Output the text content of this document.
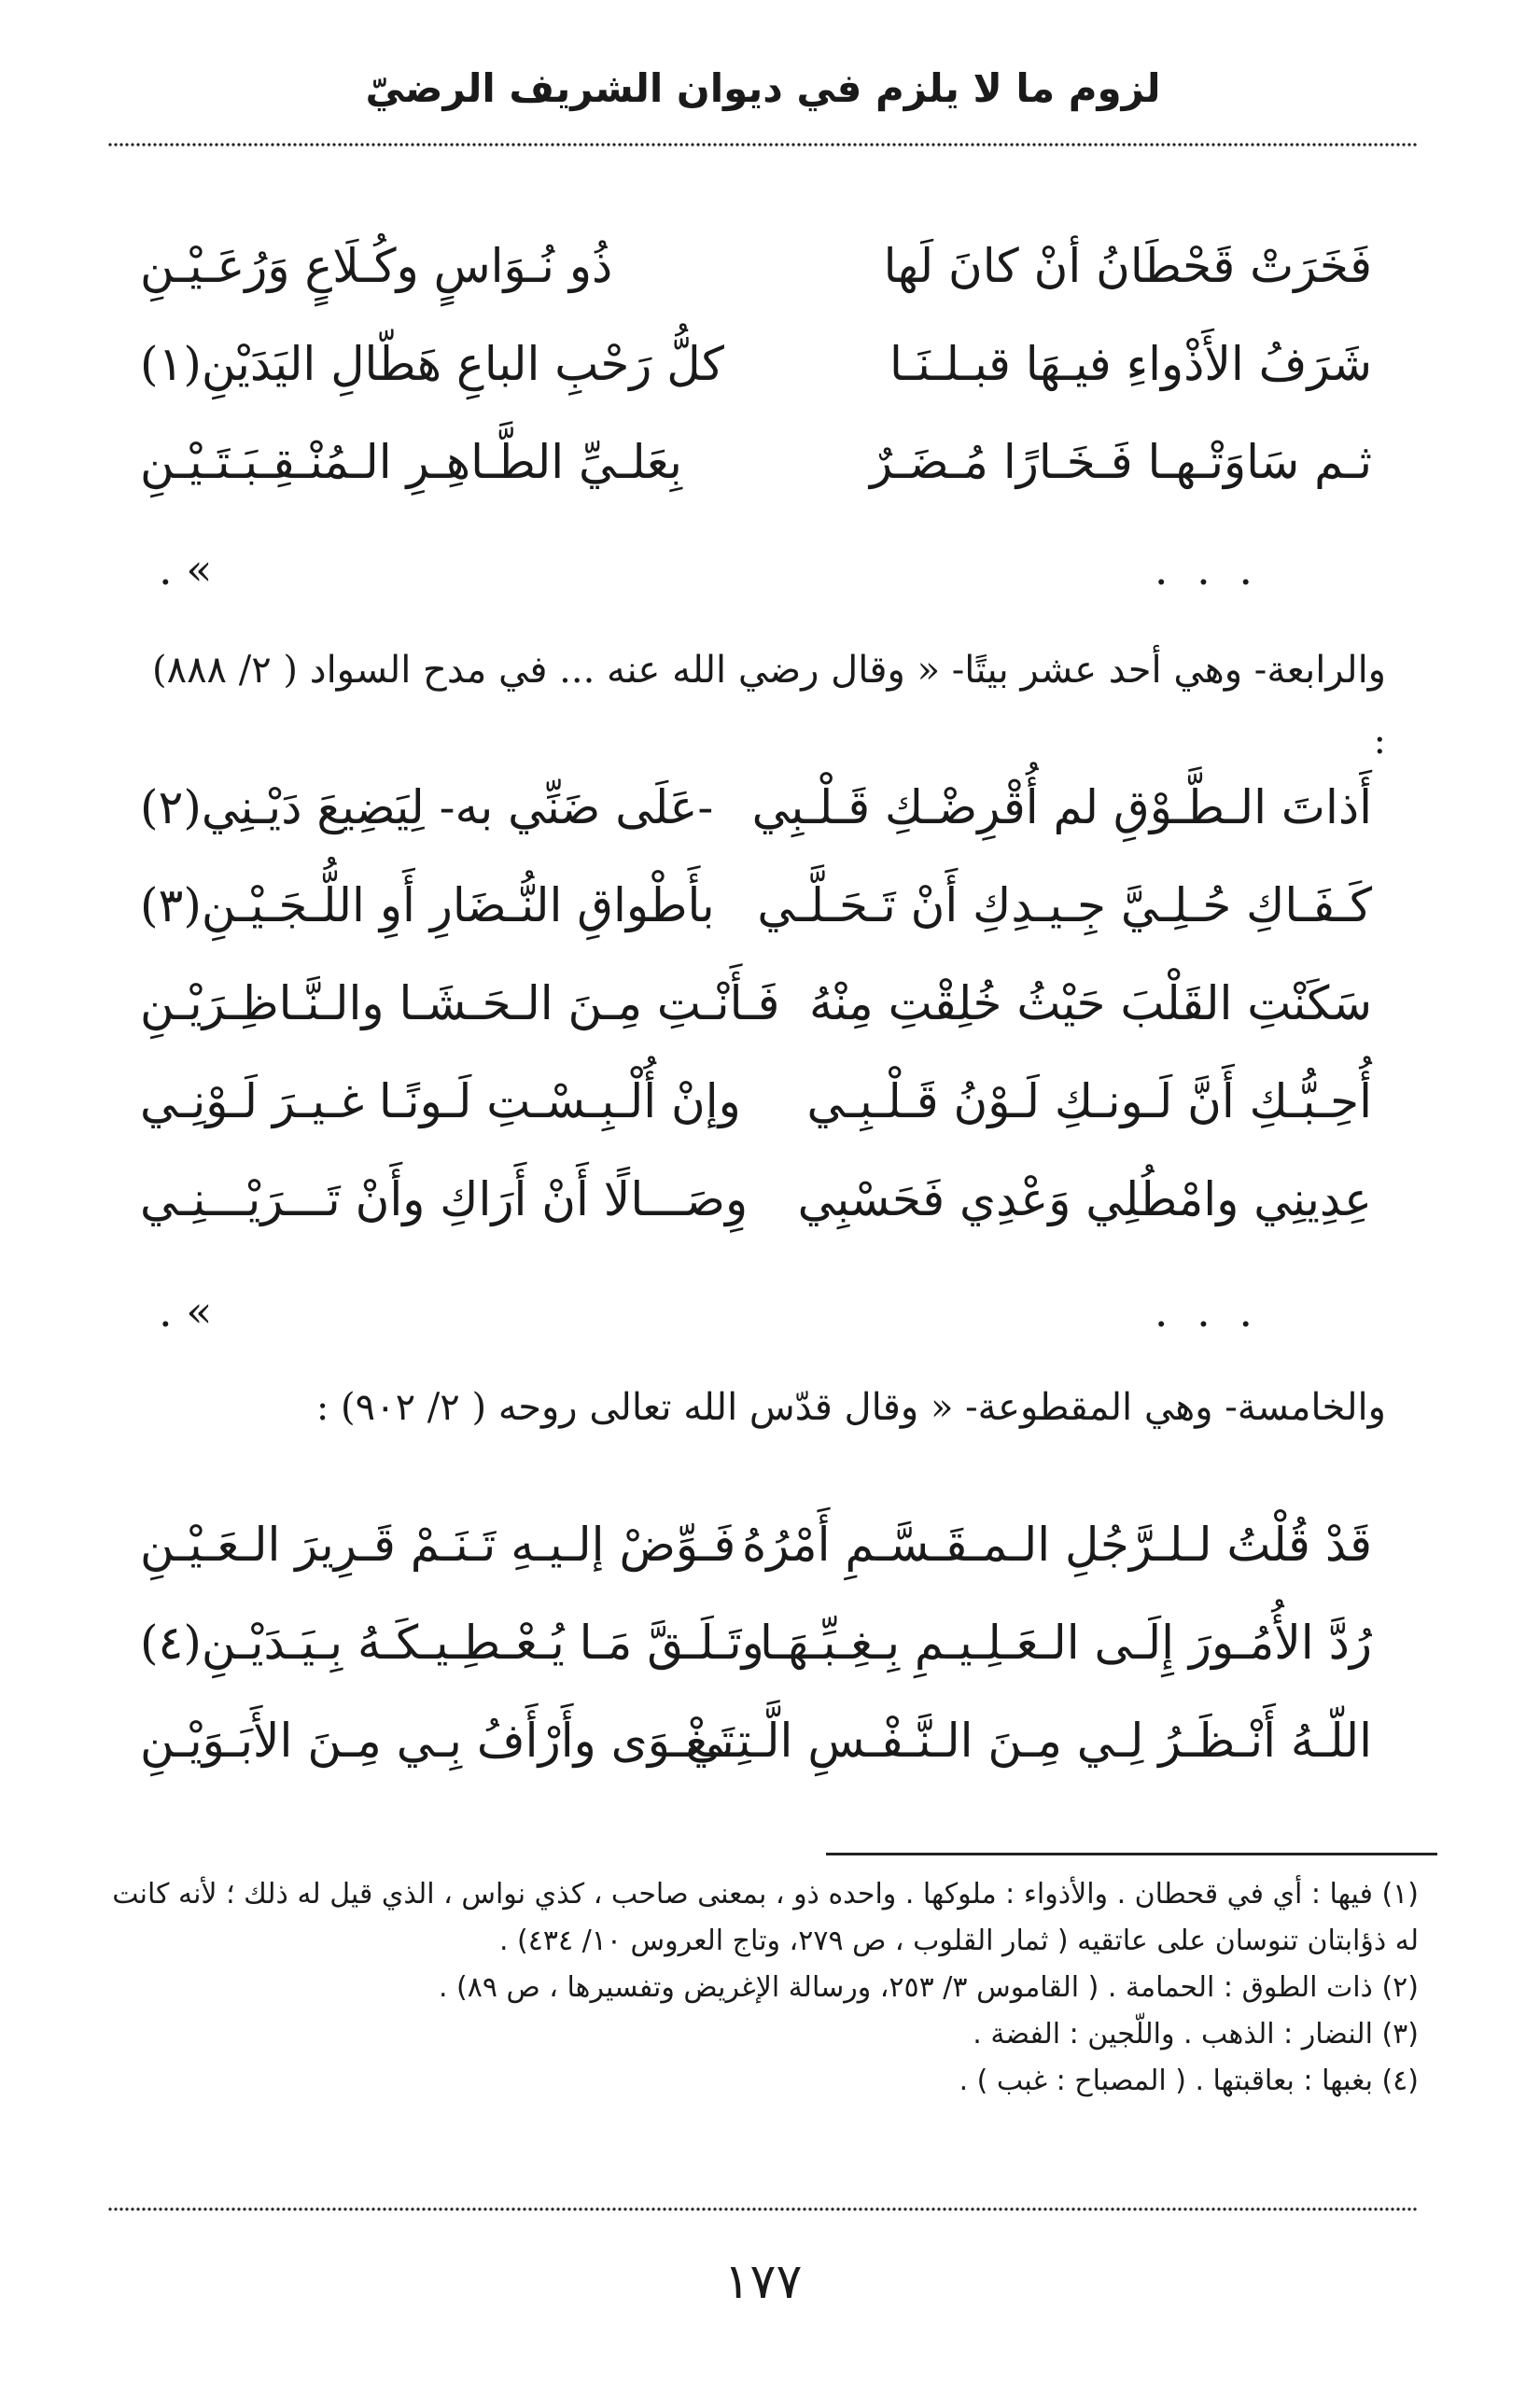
لزوم ما لا يلزم في ديوان الشريف الرضيّ
فَخَرَتْ قَحْطَانُ أنْ كانَ لَها
ذُو نُـوَاسٍ وكُـلَاعٍ وَرُعَـيْـنِ
شَرَفُ الأَذْواءِ فيـهَا قبـلـنَـا
كلُّ رَحْبِ الباعِ هَطّالِ اليَدَيْنِ(١)
ثـم سَاوَتْـهـا فَـخَـارًا مُـضَـرٌ
بِعَلـيِّ الطَّـاهِـرِ الـمُنْـقِـبَـتَـيْـنِ
. . .
» .
والرابعة- وهي أحد عشر بيتًا- « وقال رضي الله عنه ... في مدح السواد ( ٢/ ٨٨٨) :
أَذاتَ الـطَّـوْقِ لم أُقْرِضْـكِ قَـلْـبِي
-عَلَى ضَنِّي به- لِيَضِيعَ دَيْـنِي(٢)
كَـفَـاكِ حُـلِـيَّ جِـيـدِكِ أَنْ تَـحَـلَّـي
بأَطْواقِ النُّـضَارِ أَوِ اللُّـجَـيْـنِ(٣)
سَكَنْتِ القَلْبَ حَيْثُ خُلِقْتِ مِنْهُ
فَـأَنْـتِ مِـنَ الـحَـشَـا والـنَّـاظِـرَيْـنِ
أُحِـبُّـكِ أَنَّ لَـونـكِ لَـوْنُ قَـلْـبِـي
وإنْ أُلْـبِـسْـتِ لَـونًـا غـيـرَ لَـوْنِـي
عِدِينِي وامْطُلِي وَعْدِي فَحَسْبِي
وِصَـــالًا أَنْ أَرَاكِ وأَنْ تَـــرَيْـــنِـي
. . .
» .
والخامسة- وهي المقطوعة- « وقال قدّس الله تعالى روحه ( ٢/ ٩٠٢) :
قَدْ قُلْتُ لـلـرَّجُلِ الـمـقَـسَّـمِ أَمْرُهُ
فَـوِّضْ إلـيـهِ تَـنَـمْ قَـرِيرَ الـعَـيْـنِ
رُدَّ الأُمُـورَ إِلَـى الـعَـلِـيـمِ بِـغِـبِّـهَـا
وتَـلَـقَّ مَـا يُـعْـطِـيـكَـهُ بِـيَـدَيْـنِ(٤)
اللّـهُ أَنْـظَـرُ لِـي مِـنَ الـنَّـفْـسِ الَّـتِـي
تَـغْـوَى وأَرْأَفُ بِـي مِـنَ الأَبَـوَيْـنِ

(١) فيها : أي في قحطان . والأذواء : ملوكها . واحده ذو ، بمعنى صاحب ، كذي نواس ، الذي قيل له ذلك ؛ لأنه كانت له ذؤابتان تنوسان على عاتقيه ( ثمار القلوب ، ص ٢٧٩، وتاج العروس ١٠/ ٤٣٤) .

(٢) ذات الطوق : الحمامة . ( القاموس ٣/ ٢٥٣، ورسالة الإغريض وتفسيرها ، ص ٨٩) .

(٣) النضار : الذهب . واللّجين : الفضة .

(٤) بغبها : بعاقبتها . ( المصباح : غبب ) .

١٧٧
